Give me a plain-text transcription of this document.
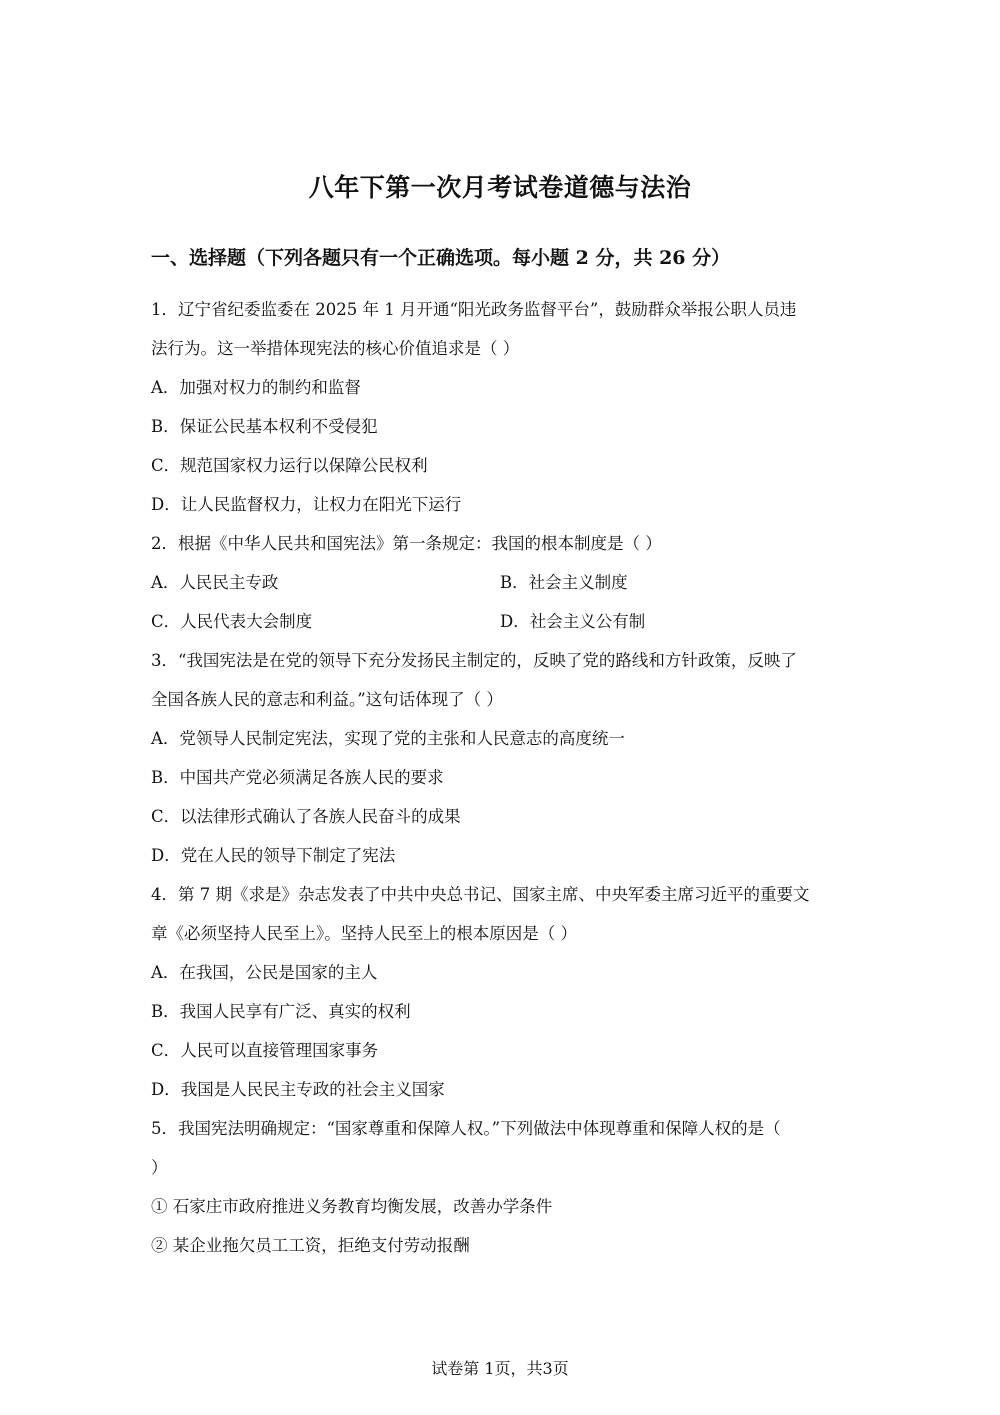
八年下第一次月考试卷道德与法治
一、选择题（下列各题只有一个正确选项。每小题 2 分，共 26 分）
1．辽宁省纪委监委在 2025 年 1 月开通“阳光政务监督平台”，鼓励群众举报公职人员违
法行为。这一举措体现宪法的核心价值追求是（ ）
A．加强对权力的制约和监督
B．保证公民基本权利不受侵犯
C．规范国家权力运行以保障公民权利
D．让人民监督权力，让权力在阳光下运行
2．根据《中华人民共和国宪法》第一条规定：我国的根本制度是（ ）
A．人民民主专政	B．社会主义制度
C．人民代表大会制度	D．社会主义公有制
3．“我国宪法是在党的领导下充分发扬民主制定的，反映了党的路线和方针政策，反映了
全国各族人民的意志和利益。”这句话体现了（ ）
A．党领导人民制定宪法，实现了党的主张和人民意志的高度统一
B．中国共产党必须满足各族人民的要求
C．以法律形式确认了各族人民奋斗的成果
D．党在人民的领导下制定了宪法
4．第 7 期《求是》杂志发表了中共中央总书记、国家主席、中央军委主席习近平的重要文
章《必须坚持人民至上》。坚持人民至上的根本原因是（ ）
A．在我国，公民是国家的主人
B．我国人民享有广泛、真实的权利
C．人民可以直接管理国家事务
D．我国是人民民主专政的社会主义国家
5．我国宪法明确规定：“国家尊重和保障人权。”下列做法中体现尊重和保障人权的是（
）
① 石家庄市政府推进义务教育均衡发展，改善办学条件
② 某企业拖欠员工工资，拒绝支付劳动报酬
试卷第 1页，共3页
